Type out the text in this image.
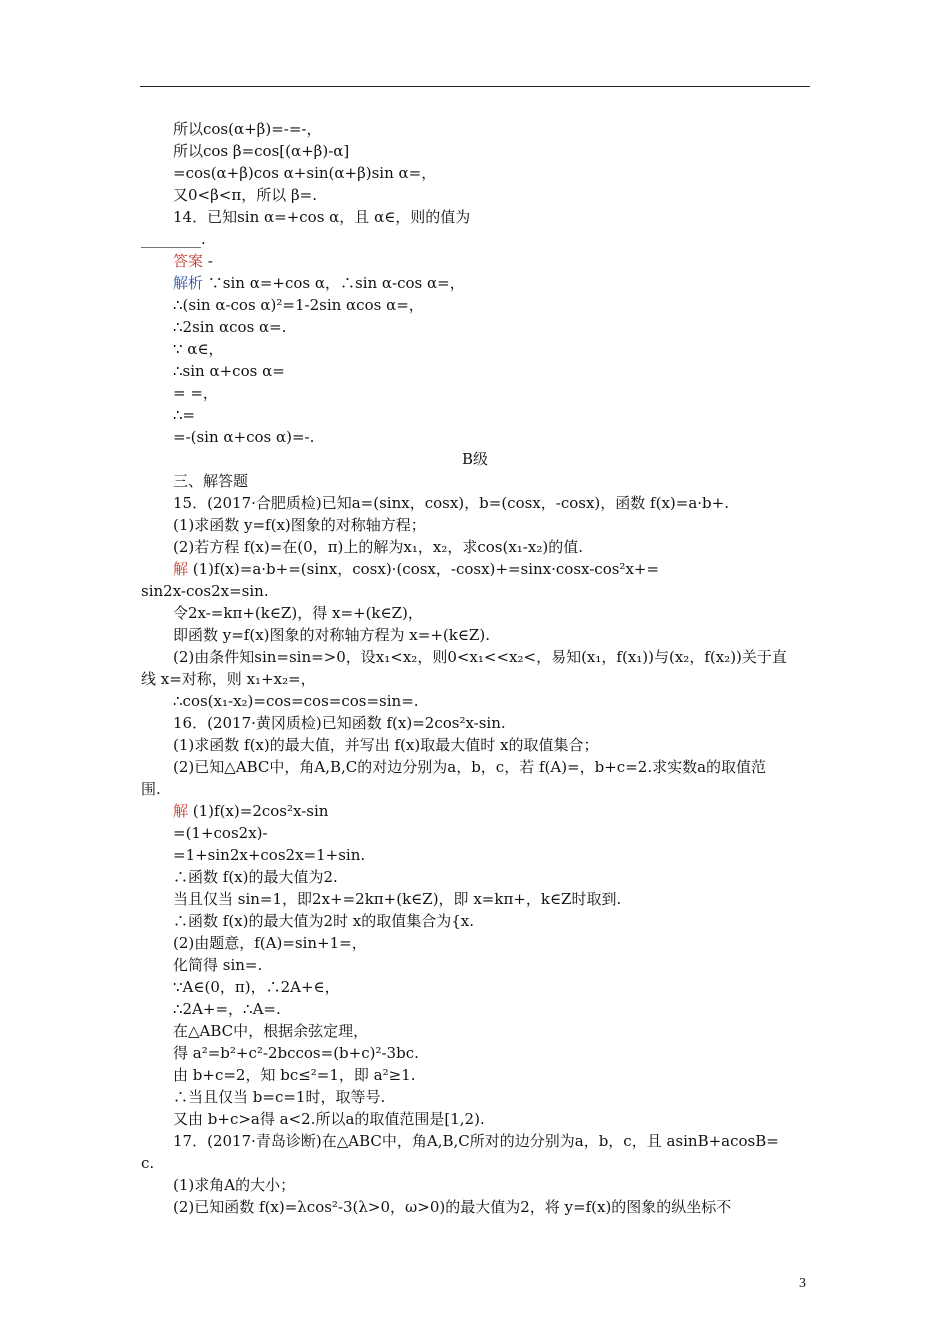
所以cos(α+β)=-=-，
所以cos β=cos[(α+β)-α]
=cos(α+β)cos α+sin(α+β)sin α=，
又0<β<π，所以 β=.
14．已知sin α=+cos α，且 α∈，则的值为
________.
答案 -
解析 ∵sin α=+cos α，∴sin α-cos α=，
∴(sin α-cos α)²=1-2sin αcos α=，
∴2sin αcos α=.
∵ α∈，
∴sin α+cos α=
= =，
∴=
=-(sin α+cos α)=-.
B级
三、解答题
15．(2017·合肥质检)已知a=(sinx，cosx)，b=(cosx，-cosx)，函数 f(x)=a·b+.
(1)求函数 y=f(x)图象的对称轴方程；
(2)若方程 f(x)=在(0，π)上的解为x₁，x₂，求cos(x₁-x₂)的值.
解 (1)f(x)=a·b+=(sinx，cosx)·(cosx，-cosx)+=sinx·cosx-cos²x+=
sin2x-cos2x=sin.
令2x-=kπ+(k∈Z)，得 x=+(k∈Z)，
即函数 y=f(x)图象的对称轴方程为 x=+(k∈Z).
(2)由条件知sin=sin=>0，设x₁<x₂，则0<x₁<<x₂<，易知(x₁，f(x₁))与(x₂，f(x₂))关于直
线 x=对称，则 x₁+x₂=，
∴cos(x₁-x₂)=cos=cos=cos=sin=.
16．(2017·黄冈质检)已知函数 f(x)=2cos²x-sin.
(1)求函数 f(x)的最大值，并写出 f(x)取最大值时 x的取值集合；
(2)已知△ABC中，角A,B,C的对边分别为a，b，c，若 f(A)=，b+c=2.求实数a的取值范
围.
解 (1)f(x)=2cos²x-sin
=(1+cos2x)-
=1+sin2x+cos2x=1+sin.
∴函数 f(x)的最大值为2.
当且仅当 sin=1，即2x+=2kπ+(k∈Z)，即 x=kπ+，k∈Z时取到.
∴函数 f(x)的最大值为2时 x的取值集合为{x.
(2)由题意，f(A)=sin+1=，
化简得 sin=.
∵A∈(0，π)，∴2A+∈，
∴2A+=，∴A=.
在△ABC中，根据余弦定理，
得 a²=b²+c²-2bccos=(b+c)²-3bc.
由 b+c=2，知 bc≤²=1，即 a²≥1.
∴当且仅当 b=c=1时，取等号.
又由 b+c>a得 a<2.所以a的取值范围是[1,2).
17．(2017·青岛诊断)在△ABC中，角A,B,C所对的边分别为a，b，c，且 asinB+acosB=
c.
(1)求角A的大小；
(2)已知函数 f(x)=λcos²-3(λ>0，ω>0)的最大值为2，将 y=f(x)的图象的纵坐标不
3
